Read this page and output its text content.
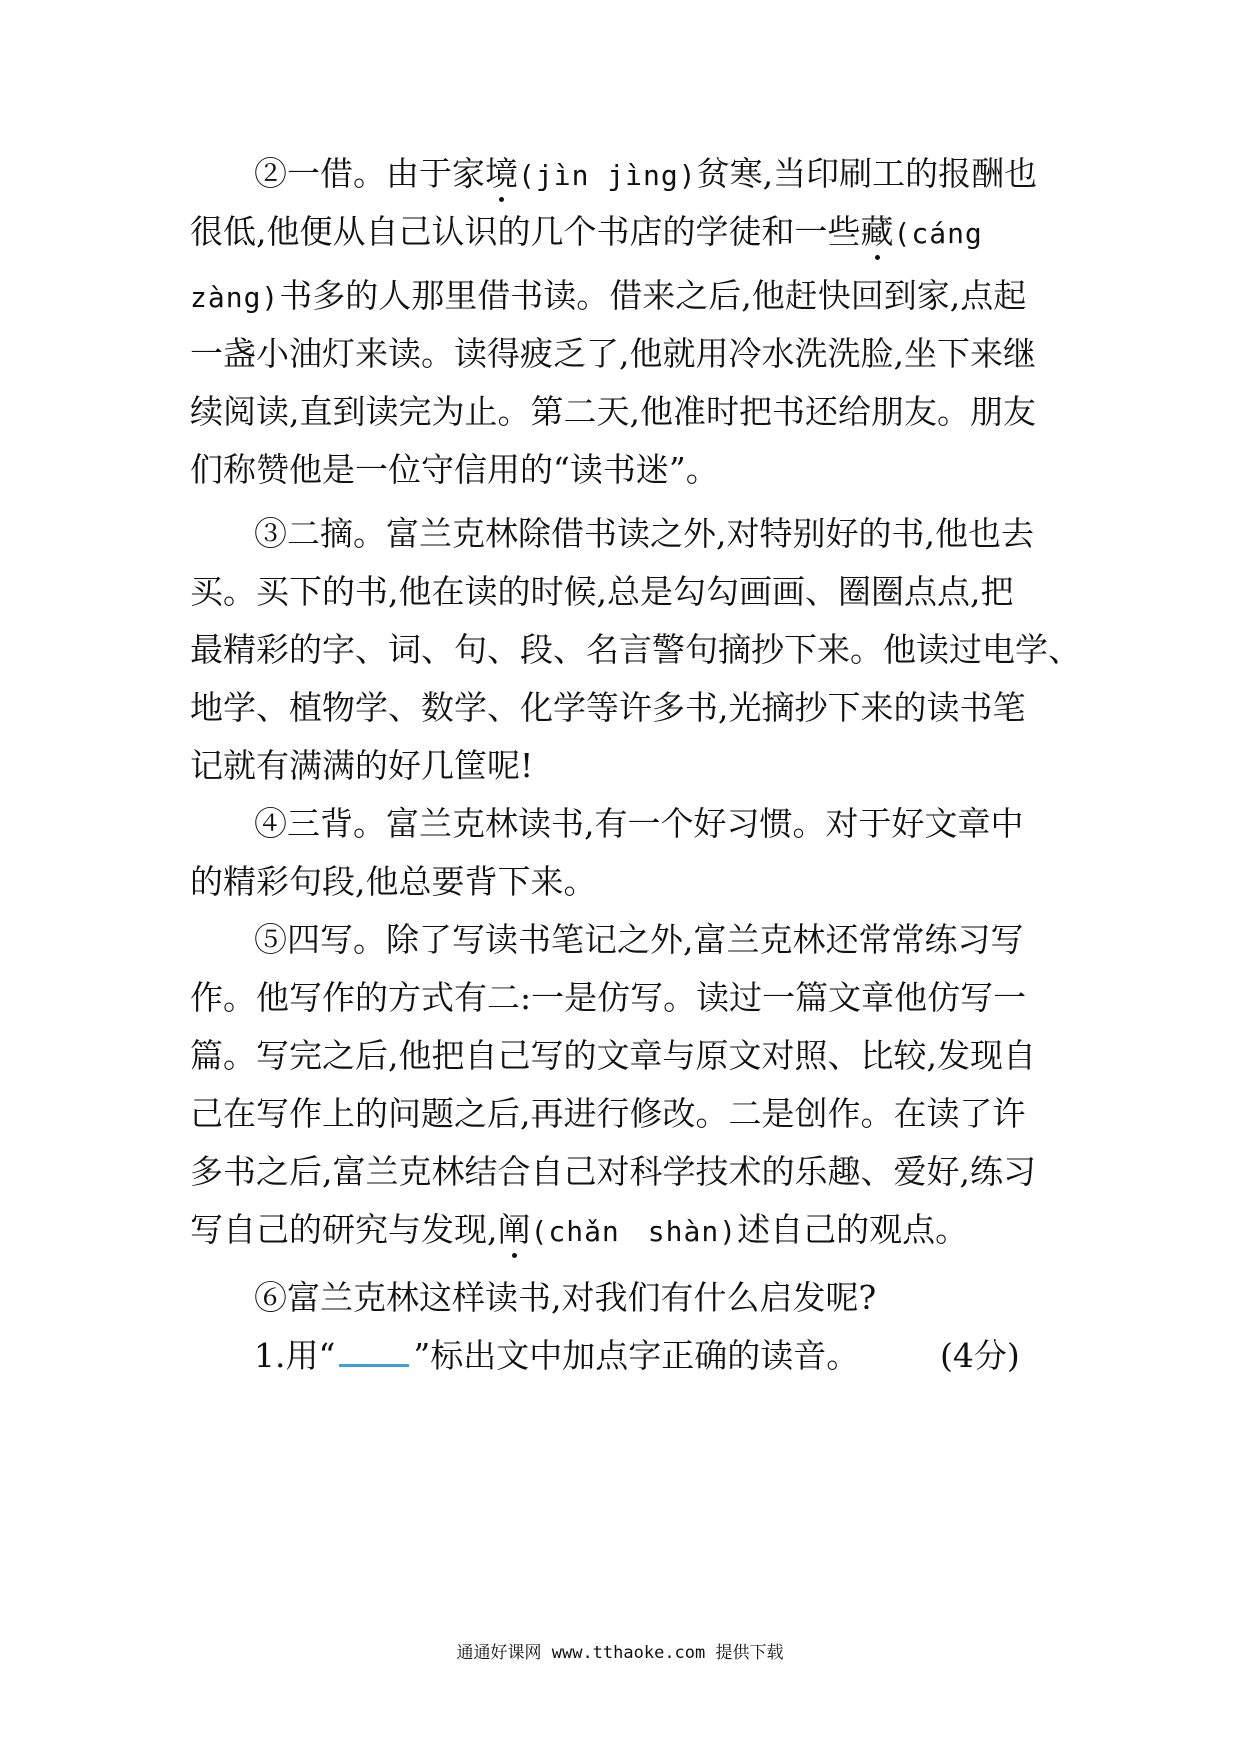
②一借。由于家境(jìn jìng)贫寒,当印刷工的报酬也
很低,他便从自己认识的几个书店的学徒和一些藏(cáng
zàng)书多的人那里借书读。借来之后,他赶快回到家,点起
一盏小油灯来读。读得疲乏了,他就用冷水洗洗脸,坐下来继
续阅读,直到读完为止。第二天,他准时把书还给朋友。朋友
们称赞他是一位守信用的“读书迷”。
③二摘。富兰克林除借书读之外,对特别好的书,他也去
买。买下的书,他在读的时候,总是勾勾画画、圈圈点点,把
最精彩的字、词、句、段、名言警句摘抄下来。他读过电学、
地学、植物学、数学、化学等许多书,光摘抄下来的读书笔
记就有满满的好几筐呢!
④三背。富兰克林读书,有一个好习惯。对于好文章中
的精彩句段,他总要背下来。
⑤四写。除了写读书笔记之外,富兰克林还常常练习写
作。他写作的方式有二:一是仿写。读过一篇文章他仿写一
篇。写完之后,他把自己写的文章与原文对照、比较,发现自
己在写作上的问题之后,再进行修改。二是创作。在读了许
多书之后,富兰克林结合自己对科学技术的乐趣、爱好,练习
写自己的研究与发现,阐(chǎn shàn)述自己的观点。
⑥富兰克林这样读书,对我们有什么启发呢?
1.用“ ”标出文中加点字正确的读音。	(4分)
通通好课网 www.tthaoke.com 提供下载
